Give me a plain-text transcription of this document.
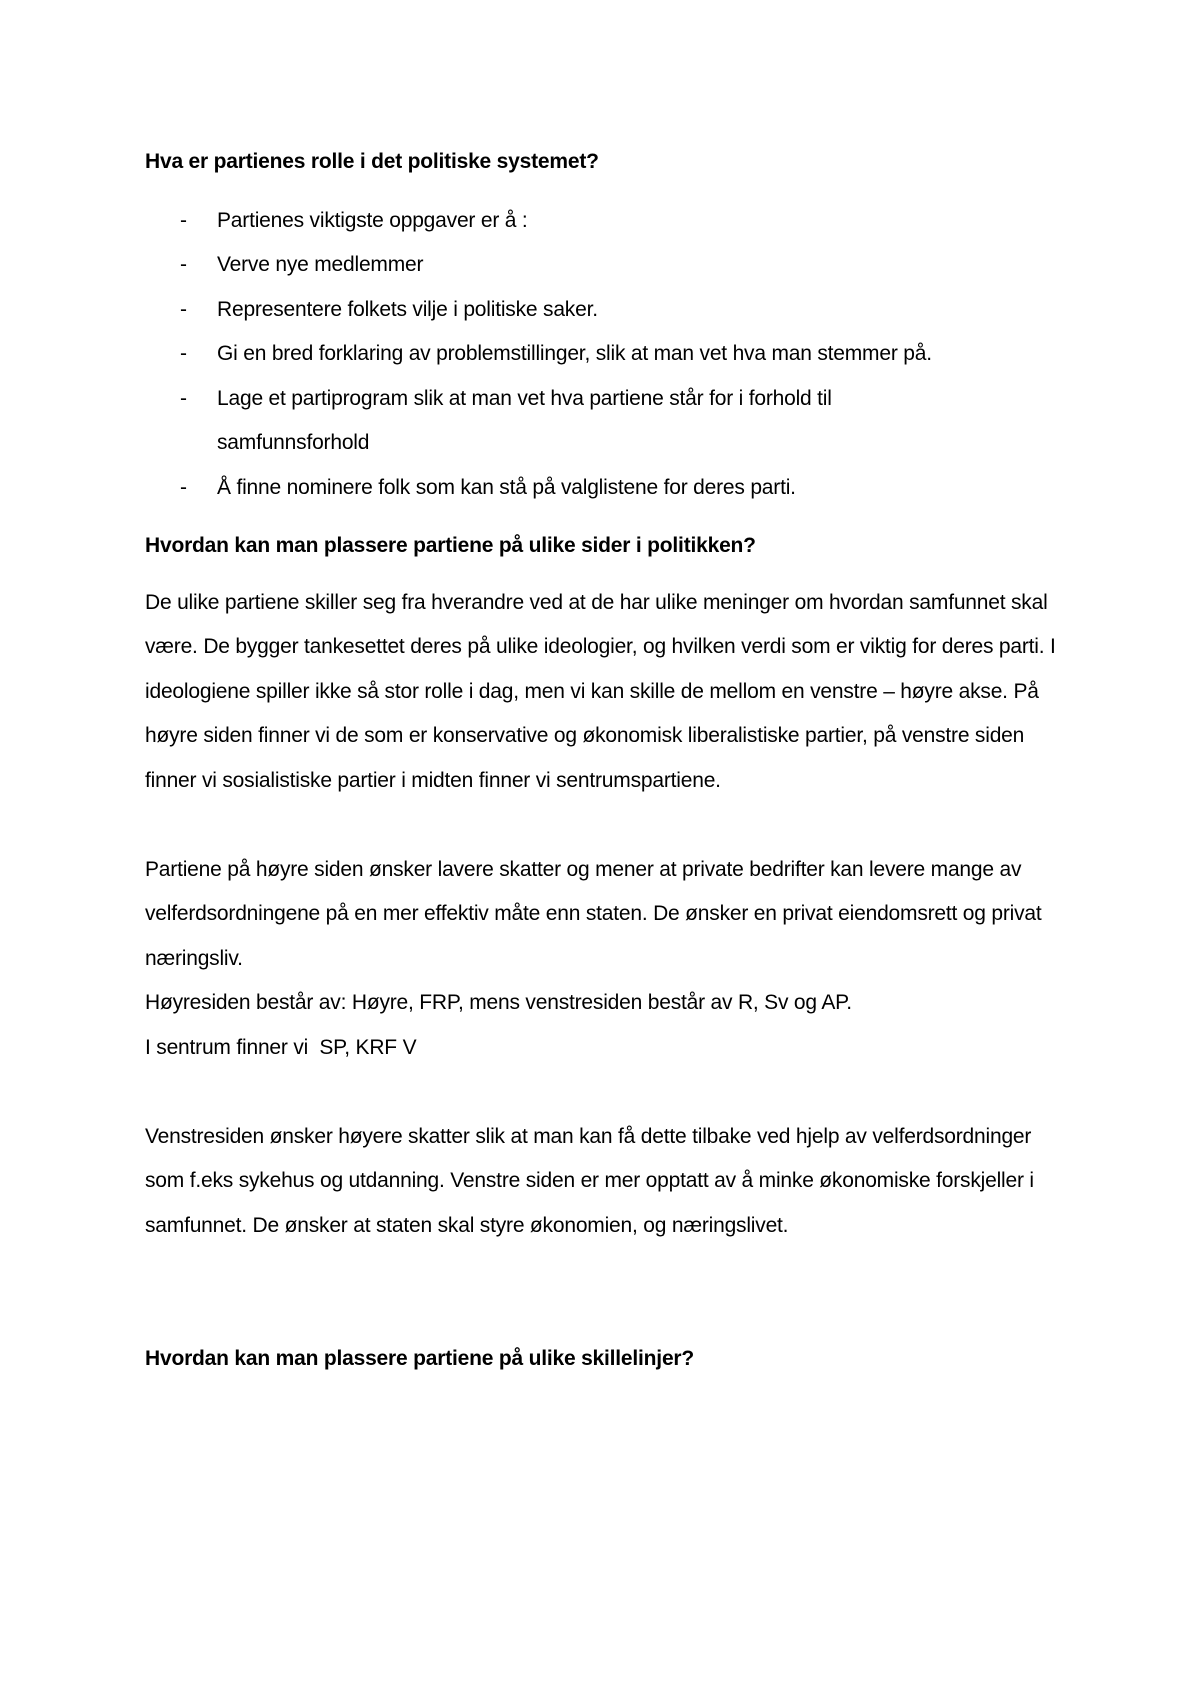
Hva er partienes rolle i det politiske systemet?

- Partienes viktigste oppgaver er å :
- Verve nye medlemmer
- Representere folkets vilje i politiske saker.
- Gi en bred forklaring av problemstillinger, slik at man vet hva man stemmer på.
- Lage et partiprogram slik at man vet hva partiene står for i forhold til samfunnsforhold
- Å finne nominere folk som kan stå på valglistene for deres parti.

Hvordan kan man plassere partiene på ulike sider i politikken?

De ulike partiene skiller seg fra hverandre ved at de har ulike meninger om hvordan samfunnet skal være. De bygger tankesettet deres på ulike ideologier, og hvilken verdi som er viktig for deres parti. I ideologiene spiller ikke så stor rolle i dag, men vi kan skille de mellom en venstre – høyre akse. På høyre siden finner vi de som er konservative og økonomisk liberalistiske partier, på venstre siden finner vi sosialistiske partier i midten finner vi sentrumspartiene.

Partiene på høyre siden ønsker lavere skatter og mener at private bedrifter kan levere mange av velferdsordningene på en mer effektiv måte enn staten. De ønsker en privat eiendomsrett og privat næringsliv.

Høyresiden består av: Høyre, FRP, mens venstresiden består av R, Sv og AP.

I sentrum finner vi  SP, KRF V

Venstresiden ønsker høyere skatter slik at man kan få dette tilbake ved hjelp av velferdsordninger som f.eks sykehus og utdanning. Venstre siden er mer opptatt av å minke økonomiske forskjeller i samfunnet. De ønsker at staten skal styre økonomien, og næringslivet.

Hvordan kan man plassere partiene på ulike skillelinjer?
